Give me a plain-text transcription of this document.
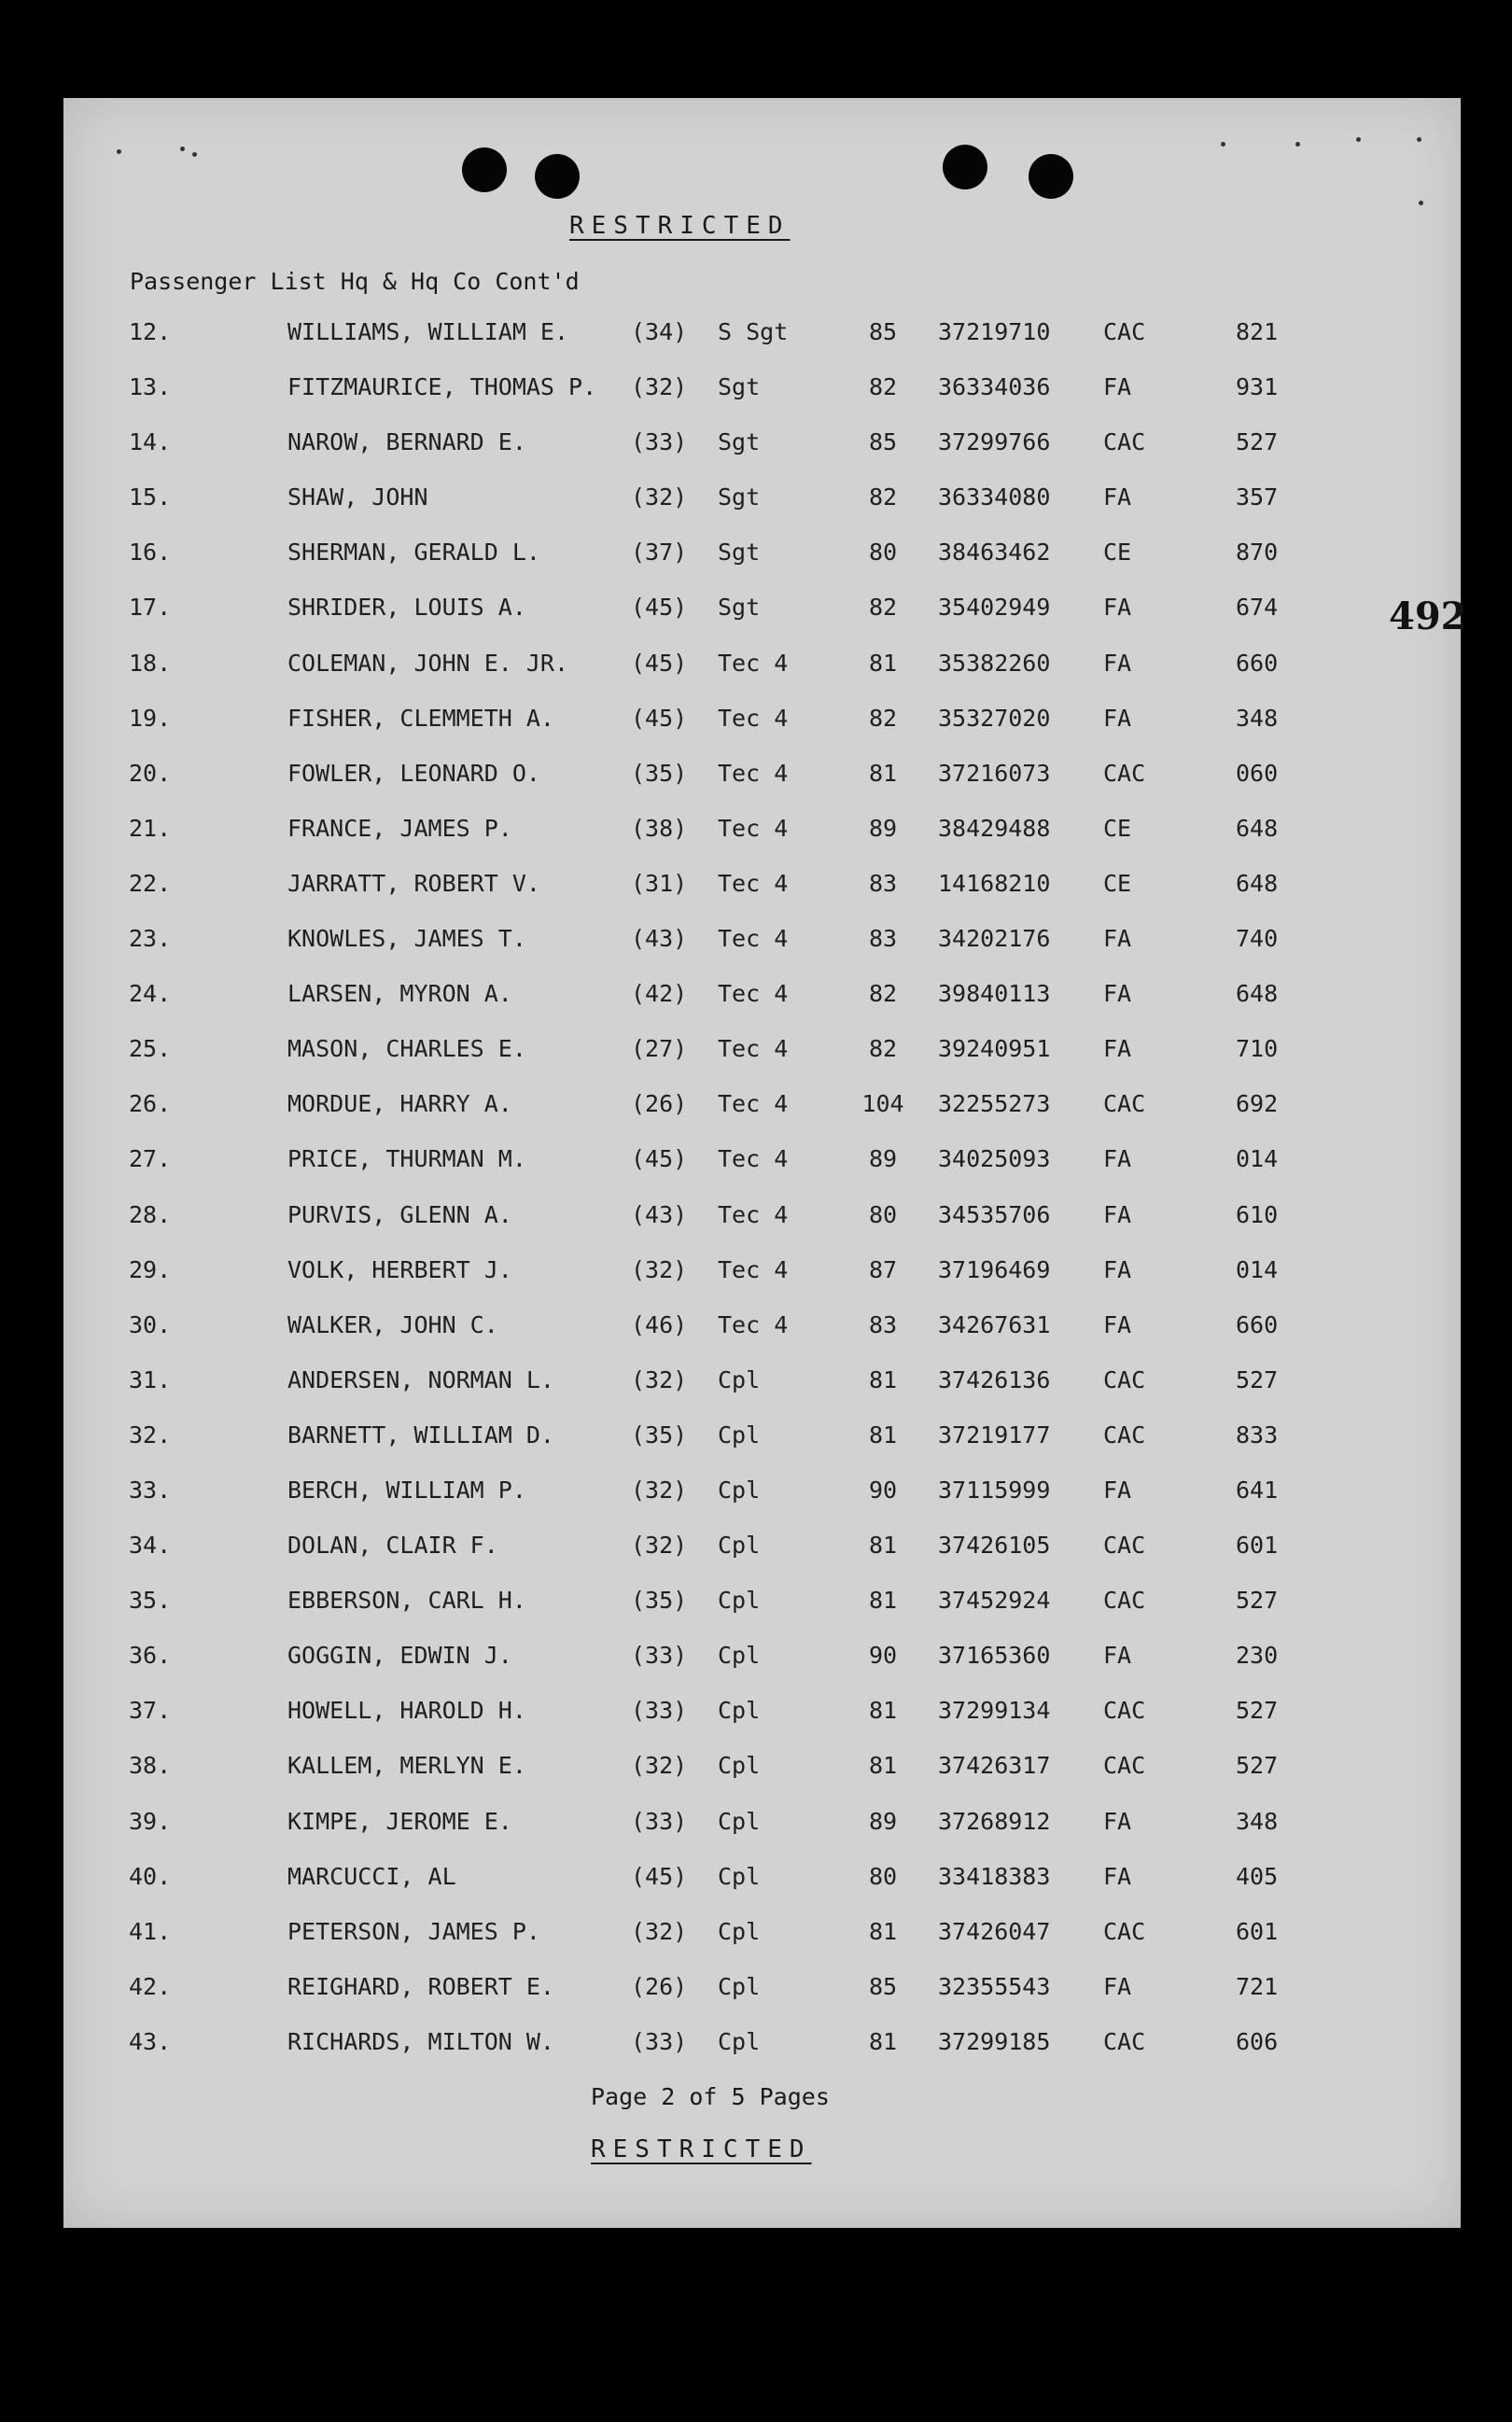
RESTRICTED
Passenger List Hq & Hq Co Cont'd
492
12.	WILLIAMS, WILLIAM E.	(34) S Sgt	85	37219710 CAC	821
13.	FITZMAURICE, THOMAS P. (32) Sgt	82	36334036 FA	931
14.	NAROW, BERNARD E.	(33) Sgt	85	37299766 CAC	527
15.	SHAW, JOHN	(32) Sgt	82	36334080 FA	357
16.	SHERMAN, GERALD L.	(37) Sgt	80	38463462 CE	870
17.	SHRIDER, LOUIS A.	(45) Sgt	82	35402949 FA	674
18.	COLEMAN, JOHN E. JR.	(45) Tec 4	81	35382260 FA	660
19.	FISHER, CLEMMETH A.	(45) Tec 4	82	35327020 FA	348
20.	FOWLER, LEONARD O.	(35) Tec 4	81	37216073 CAC	060
21.	FRANCE, JAMES P.	(38) Tec 4	89	38429488 CE	648
22.	JARRATT, ROBERT V.	(31) Tec 4	83	14168210 CE	648
23.	KNOWLES, JAMES T.	(43) Tec 4	83	34202176 FA	740
24.	LARSEN, MYRON A.	(42) Tec 4	82	39840113 FA	648
25.	MASON, CHARLES E.	(27) Tec 4	82	39240951 FA	710
26.	MORDUE, HARRY A.	(26) Tec 4	104	32255273 CAC	692
27.	PRICE, THURMAN M.	(45) Tec 4	89	34025093 FA	014
28.	PURVIS, GLENN A.	(43) Tec 4	80	34535706 FA	610
29.	VOLK, HERBERT J.	(32) Tec 4	87	37196469 FA	014
30.	WALKER, JOHN C.	(46) Tec 4	83	34267631 FA	660
31.	ANDERSEN, NORMAN L.	(32) Cpl	81	37426136 CAC	527
32.	BARNETT, WILLIAM D.	(35) Cpl	81	37219177 CAC	833
33.	BERCH, WILLIAM P.	(32) Cpl	90	37115999 FA	641
34.	DOLAN, CLAIR F.	(32) Cpl	81	37426105 CAC	601
35.	EBBERSON, CARL H.	(35) Cpl	81	37452924 CAC	527
36.	GOGGIN, EDWIN J.	(33) Cpl	90	37165360 FA	230
37.	HOWELL, HAROLD H.	(33) Cpl	81	37299134 CAC	527
38.	KALLEM, MERLYN E.	(32) Cpl	81	37426317 CAC	527
39.	KIMPE, JEROME E.	(33) Cpl	89	37268912 FA	348
40.	MARCUCCI, AL	(45) Cpl	80	33418383 FA	405
41.	PETERSON, JAMES P.	(32) Cpl	81	37426047 CAC	601
42.	REIGHARD, ROBERT E.	(26) Cpl	85	32355543 FA	721
43.	RICHARDS, MILTON W.	(33) Cpl	81	37299185 CAC	606
Page 2 of 5 Pages
RESTRICTED
